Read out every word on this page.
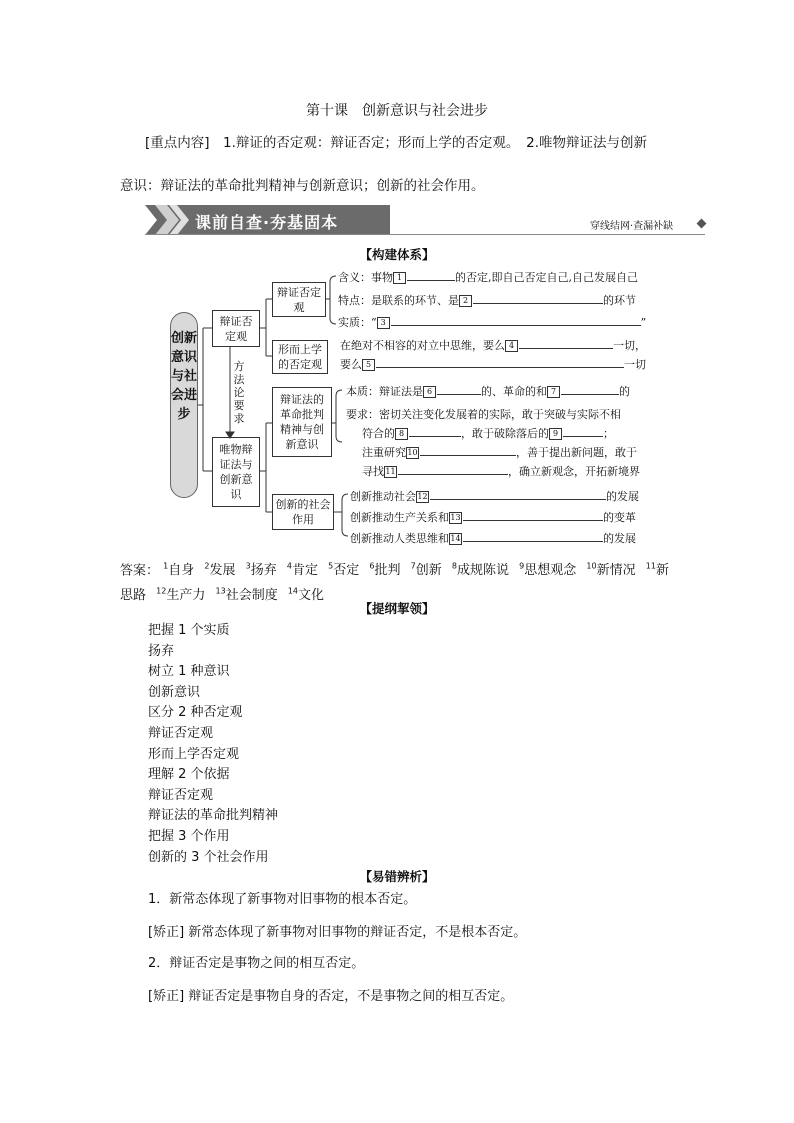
第十课　创新意识与社会进步
[重点内容]　1.辩证的否定观：辩证否定；形而上学的否定观。　2.唯物辩证法与创新
意识：辩证法的革命批判精神与创新意识；创新的社会作用。
课前自查·夯基固本	穿线结网·查漏补缺
【构建体系】
创新意识与社会进步
辩证否定观
方法论要求
唯物辩证法与创新意识
辩证否定观
形而上学的否定观
辩证法的革命批判精神与创新意识
创新的社会作用
含义：事物 1	的否定,即自己否定自己,自己发展自己
特点：是联系的环节、是 2	的环节
实质：“ 3	”
在绝对不相容的对立中思维，要么 4	一切，
要么 5	一切
本质：辩证法是 6	的、革命的和 7	的
要求：密切关注变化发展着的实际，敢于突破与实际不相
符合的 8	，敢于破除落后的 9	；
注重研究10	，善于提出新问题，敢于
寻找11	，确立新观念，开拓新境界
创新推动社会12	的发展
创新推动生产关系和13	的变革
创新推动人类思维和14	的发展
答案： $^1$自身 $^2$发展 $^3$扬弃 $^4$肯定 $^5$否定 $^6$批判 $^7$创新 $^8$成规陈说 $^9$思想观念 $^{10}$新情况 $^{11}$新思路 $^{12}$生产力 $^{13}$社会制度 $^{14}$文化
【提纲挈领】
把握 1 个实质
扬弃
树立 1 种意识
创新意识
区分 2 种否定观
辩证否定观
形而上学否定观
理解 2 个依据
辩证否定观
辩证法的革命批判精神
把握 3 个作用
创新的 3 个社会作用
【易错辨析】
1．新常态体现了新事物对旧事物的根本否定。
[矫正] 新常态体现了新事物对旧事物的辩证否定，不是根本否定。
2．辩证否定是事物之间的相互否定。
[矫正] 辩证否定是事物自身的否定，不是事物之间的相互否定。
